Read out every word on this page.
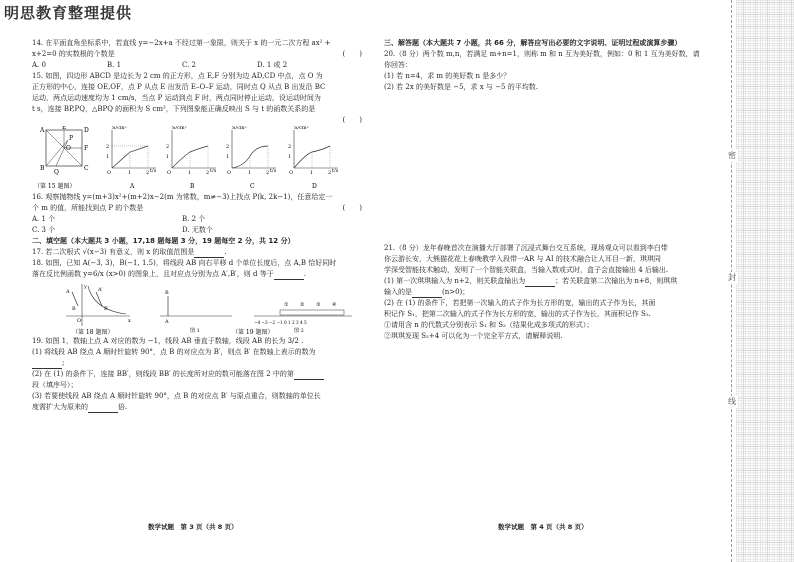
明思教育整理提供

14. 在平面直角坐标系中，若直线 y=−2x+a 不经过第一象限，则关于 x 的一元二次方程 ax² +

x+2=0 的实数根的个数是	(　　)

A. 0	B. 1	C. 2	D. 1 或 2

15. 如图，四边形 ABCD 是边长为 2 cm 的正方形，点 E,F 分别为边 AD,CD 中点，点 O 为

正方形的中心，连接 OE,OF，点 P 从点 E 出发沿 E–O–F 运动，同时点 Q 从点 B 出发沿 BC

运动，两点运动速度均为 1 cm/s，当点 P 运动到点 F 时，两点同时停止运动，设运动时间为

t s，连接 BP,PQ，△BPQ 的面积为 S cm²，下列图象能正确反映出 S 与 t 的函数关系的是

(　　)

A	E	D
B	C
Q
O F
P
S/cm²
2
1
O	1	2 t/s
S/cm²
2
1
O	1	2 t/s
S/cm²
2
1
O	1	2 t/s
S/cm²
2
1
O	1	2 t/s
（第 15 题图）	A	B	C	D

16. 观察抛物线 y=(m+3)x²+(m+2)x−2(m 为常数，m≠−3)上找点 P(k, 2k−1)，任意给定一

个 m 的值，所能找到点 P 的个数是	(　　)

A. 1 个	B. 2 个
C. 3 个	D. 无数个

二、填空题（本大题共 3 小题，17,18 题每题 3 分，19 题每空 2 分，共 12 分）

17. 若二次根式 √(x−3) 有意义，则 x 的取值范围是	.

18. 如图，已知 A(−3, 3)，B(−1, 1.5)，将线段 AB 向右平移 d 个单位长度后，点 A,B 恰好同时

落在反比例函数 y=6/x (x>0) 的图象上，且对应点分别为点 A′,B′，则 d 等于	.

A
B
A′
B′
y
x
O
B
A
图 1
−4 −3 −2 −1 0 1 2 3 4 5
① ② ③ ④
图 2
（第 18 题图）	（第 19 题图）

19. 如图 1，数轴上点 A 对应的数为 −1，线段 AB 垂直于数轴，线段 AB 的长为 3/2 .

(1) 将线段 AB 绕点 A 顺时针旋转 90°，点 B 的对应点为 B′，则点 B′ 在数轴上表示的数为

;

(2) 在 (1) 的条件下，连接 BB′，则线段 BB′ 的长度所对应的数可能落在图 2 中的第

段（填序号）；

(3) 若要使线段 AB 绕点 A 顺时针旋转 90°，点 B 的对应点 B′ 与原点重合，则数轴的单位长

度需扩大为原来的	倍.

三、解答题（本大题共 7 小题，共 66 分，解答应写出必要的文字说明、证明过程或演算步骤）

20.（8 分）两个数 m,n，若满足 m+n=1，则称 m 和 n 互为美好数，例如：0 和 1 互为美好数，请

你回答：

(1) 若 n=4，求 m 的美好数 n 是多少？

(2) 若 2x 的美好数是 −5，求 x 与 −5 的平均数.

21.（8 分）龙年春晚首次在演播大厅部署了沉浸式舞台交互系统，现场观众可以看到李白带

你云游长安，大熊猫花花上春晚教学入段带一AR 与 AI 的技术融合让人耳目一新，琪琪同

学深受智能技术触动，发明了一个智能关联盒，当输入数或式时，盒子会直接输出 4 后输出.

(1) 第一次琪琪输入为 n+2，则关联盒输出为	；若关联盒第二次输出为 n+8，则琪琪

输入的是	(n>0)；

(2) 在 (1) 的条件下，若把第一次输入的式子作为长方形的宽，输出的式子作为长，其面

积记作 S₁，把第二次输入的式子作为长方形的宽，输出的式子作为长，其面积记作 S₂.

①请用含 n 的代数式分别表示 S₁ 和 S₂（结果化成多项式的形式）；

②琪琪发现 S₂+4 可以化为一个完全平方式，请解释说明.

数学试题　第 3 页（共 8 页）	数学试题　第 4 页（共 8 页）
密
封
线
